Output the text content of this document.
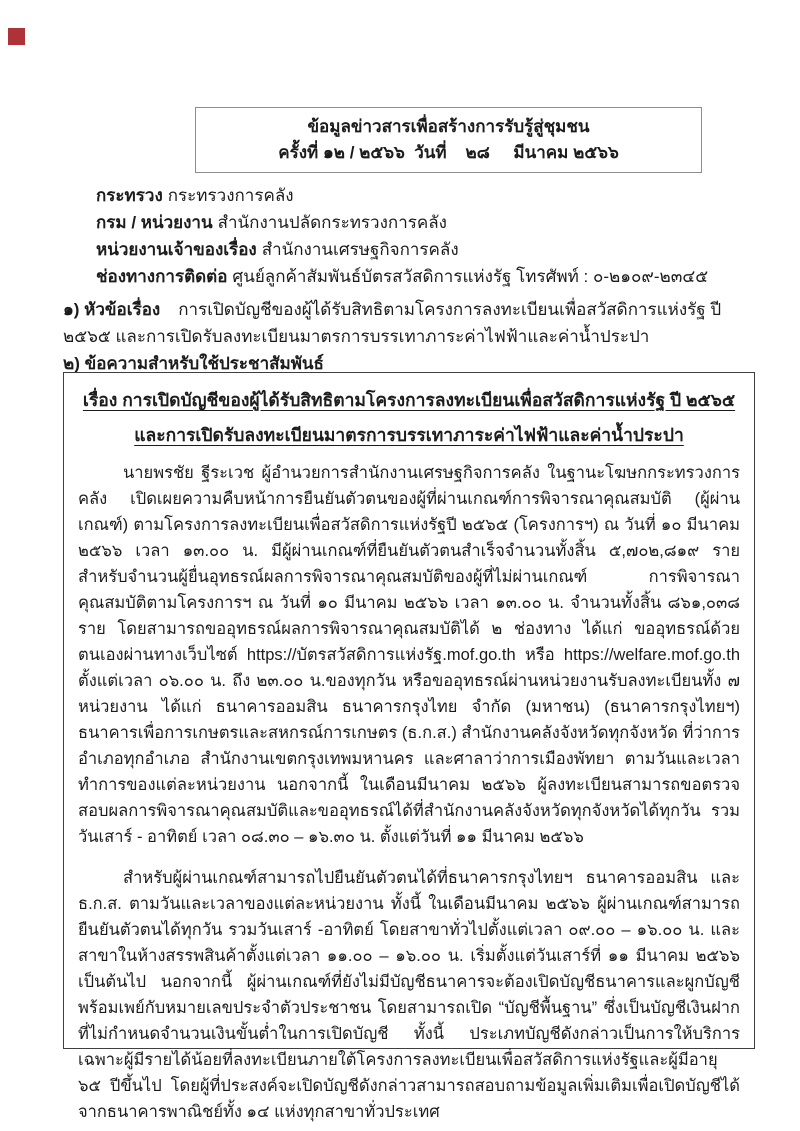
ข้อมูลข่าวสารเพื่อสร้างการรับรู้สู่ชุมชน
ครั้งที่ ๑๒ / ๒๕๖๖  วันที่    ๒๘     มีนาคม ๒๕๖๖
กระทรวง กระทรวงการคลัง
กรม / หน่วยงาน สำนักงานปลัดกระทรวงการคลัง
หน่วยงานเจ้าของเรื่อง สำนักงานเศรษฐกิจการคลัง
ช่องทางการติดต่อ ศูนย์ลูกค้าสัมพันธ์บัตรสวัสดิการแห่งรัฐ โทรศัพท์ : ๐-๒๑๐๙-๒๓๔๕

๑) หัวข้อเรื่อง การเปิดบัญชีของผู้ได้รับสิทธิตามโครงการลงทะเบียนเพื่อสวัสดิการแห่งรัฐ ปี ๒๕๖๕ และการเปิดรับลงทะเบียนมาตรการบรรเทาภาระค่าไฟฟ้าและค่าน้ำประปา

๒) ข้อความสำหรับใช้ประชาสัมพันธ์

เรื่อง การเปิดบัญชีของผู้ได้รับสิทธิตามโครงการลงทะเบียนเพื่อสวัสดิการแห่งรัฐ ปี ๒๕๖๕
และการเปิดรับลงทะเบียนมาตรการบรรเทาภาระค่าไฟฟ้าและค่าน้ำประปา

นายพรชัย ฐีระเวช ผู้อำนวยการสำนักงานเศรษฐกิจการคลัง ในฐานะโฆษกกระทรวงการคลัง เปิดเผยความคืบหน้าการยืนยันตัวตนของผู้ที่ผ่านเกณฑ์การพิจารณาคุณสมบัติ (ผู้ผ่านเกณฑ์) ตามโครงการลงทะเบียนเพื่อสวัสดิการแห่งรัฐปี ๒๕๖๕ (โครงการฯ) ณ วันที่ ๑๐ มีนาคม ๒๕๖๖ เวลา ๑๓.๐๐ น. มีผู้ผ่านเกณฑ์ที่ยืนยันตัวตนสำเร็จจำนวนทั้งสิ้น ๕,๗๐๒,๘๑๙ ราย สำหรับจำนวนผู้ยื่นอุทธรณ์ผลการพิจารณาคุณสมบัติของผู้ที่ไม่ผ่านเกณฑ์ การพิจารณาคุณสมบัติตามโครงการฯ ณ วันที่ ๑๐ มีนาคม ๒๕๖๖ เวลา ๑๓.๐๐ น. จำนวนทั้งสิ้น ๘๖๑,๐๓๘ ราย โดยสามารถขออุทธรณ์ผลการพิจารณาคุณสมบัติได้ ๒ ช่องทาง ได้แก่ ขออุทธรณ์ด้วยตนเองผ่านทางเว็บไซต์ https://บัตรสวัสดิการแห่งรัฐ.mof.go.th หรือ https://welfare.mof.go.th ตั้งแต่เวลา ๐๖.๐๐ น. ถึง ๒๓.๐๐ น.ของทุกวัน หรือขออุทธรณ์ผ่านหน่วยงานรับลงทะเบียนทั้ง ๗ หน่วยงาน ได้แก่ ธนาคารออมสิน ธนาคารกรุงไทย จำกัด (มหาชน) (ธนาคารกรุงไทยฯ) ธนาคารเพื่อการเกษตรและสหกรณ์การเกษตร (ธ.ก.ส.) สำนักงานคลังจังหวัดทุกจังหวัด ที่ว่าการอำเภอทุกอำเภอ สำนักงานเขตกรุงเทพมหานคร และศาลาว่าการเมืองพัทยา ตามวันและเวลาทำการของแต่ละหน่วยงาน นอกจากนี้ ในเดือนมีนาคม ๒๕๖๖ ผู้ลงทะเบียนสามารถขอตรวจสอบผลการพิจารณาคุณสมบัติและขออุทธรณ์ได้ที่สำนักงานคลังจังหวัดทุกจังหวัดได้ทุกวัน รวมวันเสาร์ - อาทิตย์ เวลา ๐๘.๓๐ – ๑๖.๓๐ น. ตั้งแต่วันที่ ๑๑ มีนาคม ๒๕๖๖

สำหรับผู้ผ่านเกณฑ์สามารถไปยืนยันตัวตนได้ที่ธนาคารกรุงไทยฯ ธนาคารออมสิน และ ธ.ก.ส. ตามวันและเวลาของแต่ละหน่วยงาน ทั้งนี้ ในเดือนมีนาคม ๒๕๖๖ ผู้ผ่านเกณฑ์สามารถยืนยันตัวตนได้ทุกวัน รวมวันเสาร์ -อาทิตย์ โดยสาขาทั่วไปตั้งแต่เวลา ๐๙.๐๐ – ๑๖.๐๐ น. และสาขาในห้างสรรพสินค้าตั้งแต่เวลา ๑๑.๐๐ – ๑๖.๐๐ น. เริ่มตั้งแต่วันเสาร์ที่ ๑๑ มีนาคม ๒๕๖๖ เป็นต้นไป นอกจากนี้ ผู้ผ่านเกณฑ์ที่ยังไม่มีบัญชีธนาคารจะต้องเปิดบัญชีธนาคารและผูกบัญชีพร้อมเพย์กับหมายเลขประจำตัวประชาชน โดยสามารถเปิด “บัญชีพื้นฐาน” ซึ่งเป็นบัญชีเงินฝากที่ไม่กำหนดจำนวนเงินขั้นต่ำในการเปิดบัญชี ทั้งนี้ ประเภทบัญชีดังกล่าวเป็นการให้บริการเฉพาะผู้มีรายได้น้อยที่ลงทะเบียนภายใต้โครงการลงทะเบียนเพื่อสวัสดิการแห่งรัฐและผู้มีอายุ ๖๕ ปีขึ้นไป โดยผู้ที่ประสงค์จะเปิดบัญชีดังกล่าวสามารถสอบถามข้อมูลเพิ่มเติมเพื่อเปิดบัญชีได้จากธนาคารพาณิชย์ทั้ง ๑๔ แห่งทุกสาขาทั่วประเทศ
